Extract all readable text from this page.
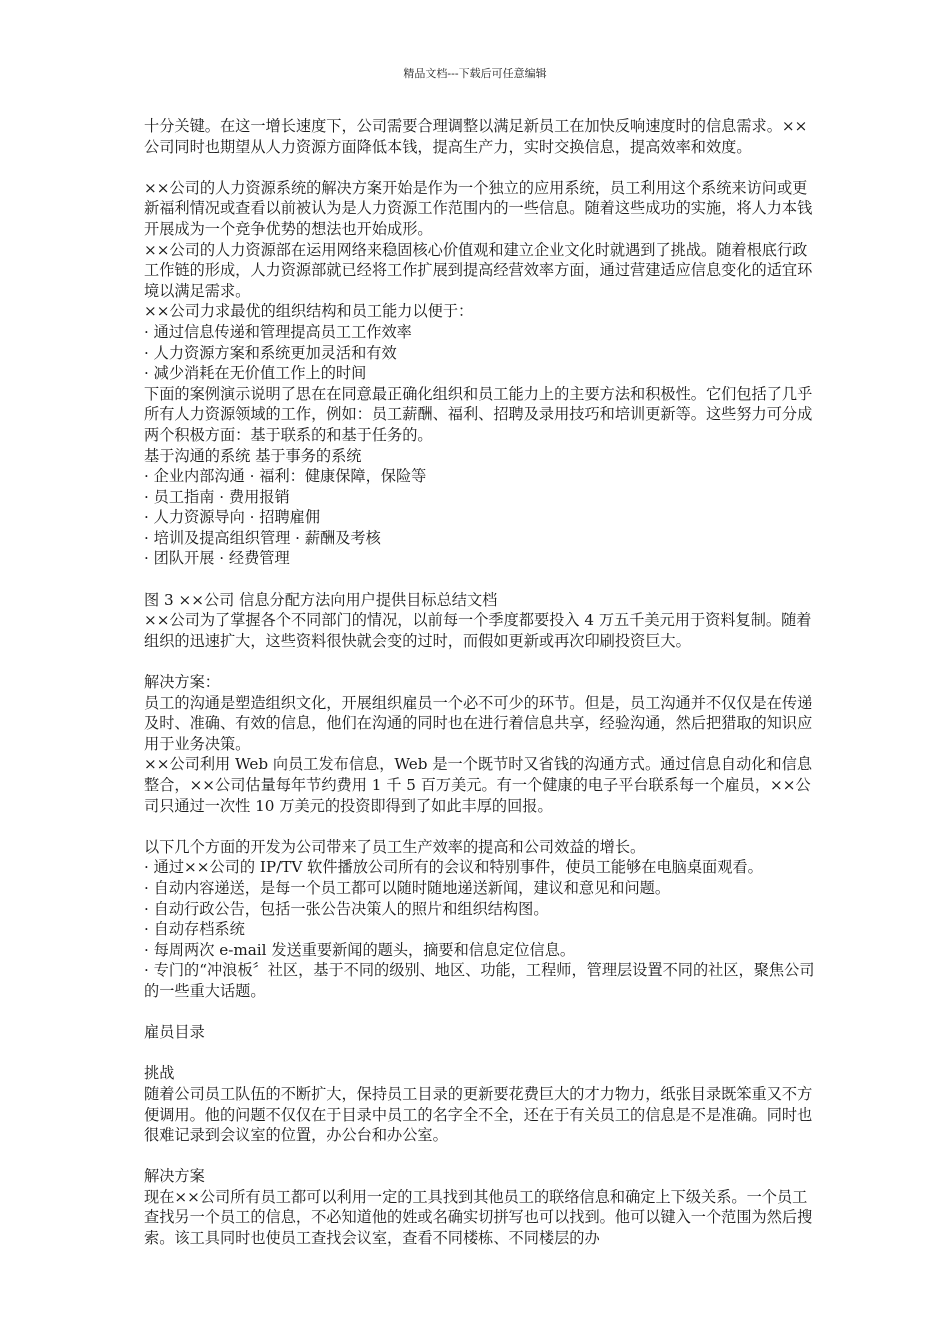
精品文档---下载后可任意编辑
十分关键。在这一增长速度下，公司需要合理调整以满足新员工在加快反响速度时的信息需求。××公司同时也期望从人力资源方面降低本钱，提高生产力，实时交换信息，提高效率和效度。
××公司的人力资源系统的解决方案开始是作为一个独立的应用系统，员工利用这个系统来访问或更新福利情况或查看以前被认为是人力资源工作范围内的一些信息。随着这些成功的实施，将人力本钱开展成为一个竞争优势的想法也开始成形。
××公司的人力资源部在运用网络来稳固核心价值观和建立企业文化时就遇到了挑战。随着根底行政工作链的形成，人力资源部就已经将工作扩展到提高经营效率方面，通过营建适应信息变化的适宜环境以满足需求。
××公司力求最优的组织结构和员工能力以便于：
· 通过信息传递和管理提高员工工作效率
· 人力资源方案和系统更加灵活和有效
· 减少消耗在无价值工作上的时间
下面的案例演示说明了思在在同意最正确化组织和员工能力上的主要方法和积极性。它们包括了几乎所有人力资源领域的工作，例如：员工薪酬、福利、招聘及录用技巧和培训更新等。这些努力可分成两个积极方面：基于联系的和基于任务的。
基于沟通的系统 基于事务的系统
· 企业内部沟通 · 福利：健康保障，保险等
· 员工指南 · 费用报销
· 人力资源导向 · 招聘雇佣
· 培训及提高组织管理 · 薪酬及考核
· 团队开展 · 经费管理
图 3 ××公司 信息分配方法向用户提供目标总结文档
××公司为了掌握各个不同部门的情况，以前每一个季度都要投入 4 万五千美元用于资料复制。随着组织的迅速扩大，这些资料很快就会变的过时，而假如更新或再次印刷投资巨大。
解决方案：
员工的沟通是塑造组织文化，开展组织雇员一个必不可少的环节。但是，员工沟通并不仅仅是在传递及时、准确、有效的信息，他们在沟通的同时也在进行着信息共享，经验沟通，然后把猎取的知识应用于业务决策。
××公司利用 Web 向员工发布信息，Web 是一个既节时又省钱的沟通方式。通过信息自动化和信息整合，××公司估量每年节约费用 1 千 5 百万美元。有一个健康的电子平台联系每一个雇员，××公司只通过一次性 10 万美元的投资即得到了如此丰厚的回报。
以下几个方面的开发为公司带来了员工生产效率的提高和公司效益的增长。
· 通过××公司的 IP/TV 软件播放公司所有的会议和特别事件，使员工能够在电脑桌面观看。
· 自动内容递送，是每一个员工都可以随时随地递送新闻，建议和意见和问题。
· 自动行政公告，包括一张公告决策人的照片和组织结构图。
· 自动存档系统
· 每周两次 e-mail 发送重要新闻的题头，摘要和信息定位信息。
· 专门的“冲浪板〞社区，基于不同的级别、地区、功能，工程师，管理层设置不同的社区，聚焦公司的一些重大话题。
雇员目录
挑战
随着公司员工队伍的不断扩大，保持员工目录的更新要花费巨大的才力物力，纸张目录既笨重又不方便调用。他的问题不仅仅在于目录中员工的名字全不全，还在于有关员工的信息是不是准确。同时也很难记录到会议室的位置，办公台和办公室。
解决方案
现在××公司所有员工都可以利用一定的工具找到其他员工的联络信息和确定上下级关系。一个员工查找另一个员工的信息，不必知道他的姓或名确实切拼写也可以找到。他可以键入一个范围为然后搜索。该工具同时也使员工查找会议室，查看不同楼栋、不同楼层的办
